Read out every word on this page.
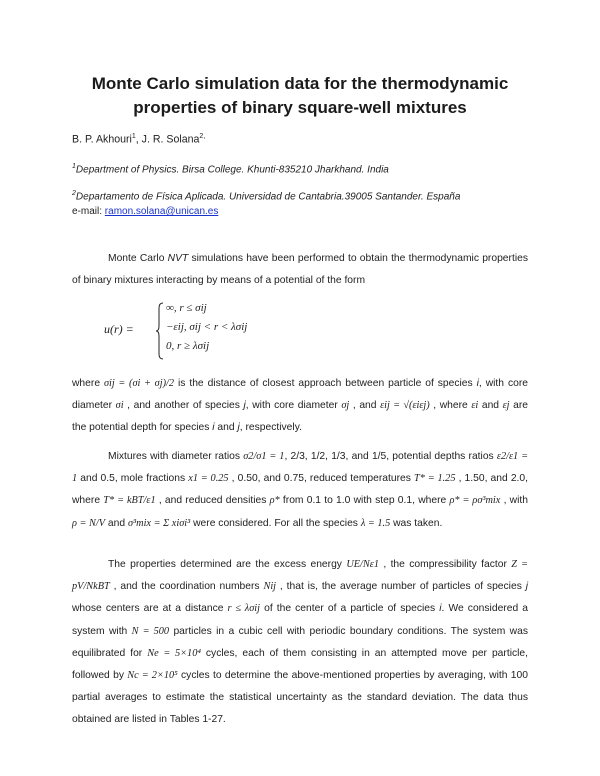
Monte Carlo simulation data for the thermodynamic
properties of binary square-well mixtures
B. P. Akhouri$^1$, J. R. Solana$^{2,}$
$^1$Department of Physics. Birsa College. Khunti-835210 Jharkhand. India
$^2$Departamento de Física Aplicada. Universidad de Cantabria.39005 Santander. España
e-mail: ramon.solana@unican.es
Monte Carlo NVT simulations have been performed to obtain the thermodynamic properties of binary mixtures interacting by means of a potential of the form
u(r) =
∞, r ≤ σij
−εij, σij < r < λσij
0, r ≥ λσij
where σij = (σi + σj)/2 is the distance of closest approach between particle of species i, with core diameter σi , and another of species j, with core diameter σj , and εij = √(εiεj) , where εi and εj are the potential depth for species i and j, respectively.
Mixtures with diameter ratios σ2/σ1 = 1, 2/3, 1/2, 1/3, and 1/5, potential depths ratios ε2/ε1 = 1 and 0.5, mole fractions x1 = 0.25 , 0.50, and 0.75, reduced temperatures T* = 1.25 , 1.50, and 2.0, where T* = kBT/ε1 , and reduced densities ρ* from 0.1 to 1.0 with step 0.1, where ρ* = ρσ³mix , with ρ = N/V and σ³mix = Σ xiσi³ were considered. For all the species λ = 1.5 was taken.
The properties determined are the excess energy UE/Nε1 , the compressibility factor Z = pV/NkBT , and the coordination numbers Nij , that is, the average number of particles of species j whose centers are at a distance r ≤ λσij of the center of a particle of species i. We considered a system with N = 500 particles in a cubic cell with periodic boundary conditions. The system was equilibrated for Ne = 5×10⁴ cycles, each of them consisting in an attempted move per particle, followed by Nc = 2×10⁵ cycles to determine the above-mentioned properties by averaging, with 100 partial averages to estimate the statistical uncertainty as the standard deviation. The data thus obtained are listed in Tables 1-27.
